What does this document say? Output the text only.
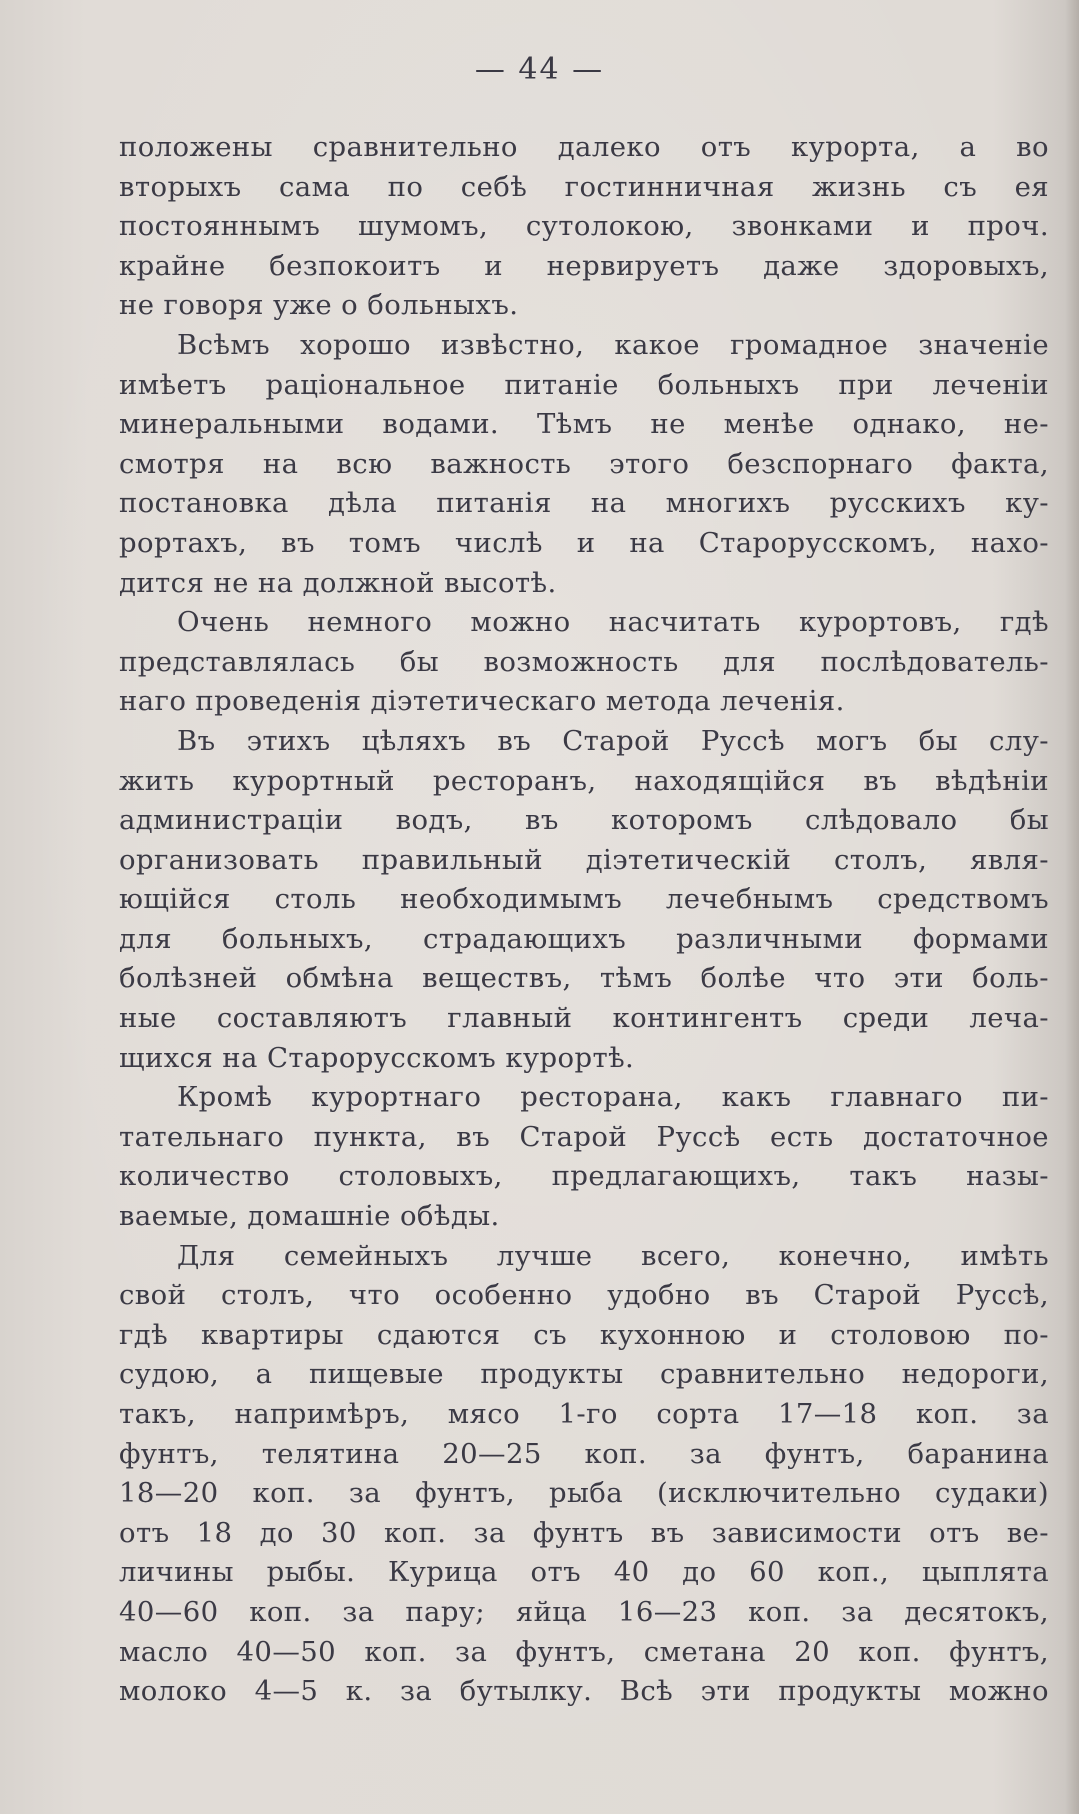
— 44 —
положены сравнительно далеко отъ курорта, а во
вторыхъ сама по себѣ гостинничная жизнь съ ея
постояннымъ шумомъ, сутолокою, звонками и проч.
крайне безпокоитъ и нервируетъ даже здоровыхъ,
не говоря уже о больныхъ.
Всѣмъ хорошо извѣстно, какое громадное значеніе
имѣетъ раціональное питаніе больныхъ при леченіи
минеральными водами. Тѣмъ не менѣе однако, не-
смотря на всю важность этого безспорнаго факта,
постановка дѣла питанія на многихъ русскихъ ку-
рортахъ, въ томъ числѣ и на Старорусскомъ, нахо-
дится не на должной высотѣ.
Очень немного можно насчитать курортовъ, гдѣ
представлялась бы возможность для послѣдователь-
наго проведенія діэтетическаго метода леченія.
Въ этихъ цѣляхъ въ Старой Руссѣ могъ бы слу-
жить курортный ресторанъ, находящійся въ вѣдѣніи
администраціи водъ, въ которомъ слѣдовало бы
организовать правильный діэтетическій столъ, явля-
ющійся столь необходимымъ лечебнымъ средствомъ
для больныхъ, страдающихъ различными формами
болѣзней обмѣна веществъ, тѣмъ болѣе что эти боль-
ные составляютъ главный контингентъ среди леча-
щихся на Старорусскомъ курортѣ.
Кромѣ курортнаго ресторана, какъ главнаго пи-
тательнаго пункта, въ Старой Руссѣ есть достаточное
количество столовыхъ, предлагающихъ, такъ назы-
ваемые, домашніе обѣды.
Для семейныхъ лучше всего, конечно, имѣть
свой столъ, что особенно удобно въ Старой Руссѣ,
гдѣ квартиры сдаются съ кухонною и столовою по-
судою, а пищевые продукты сравнительно недороги,
такъ, напримѣръ, мясо 1-го сорта 17—18 коп. за
фунтъ, телятина 20—25 коп. за фунтъ, баранина
18—20 коп. за фунтъ, рыба (исключительно судаки)
отъ 18 до 30 коп. за фунтъ въ зависимости отъ ве-
личины рыбы. Курица отъ 40 до 60 коп., цыплята
40—60 коп. за пару; яйца 16—23 коп. за десятокъ,
масло 40—50 коп. за фунтъ, сметана 20 коп. фунтъ,
молоко 4—5 к. за бутылку. Всѣ эти продукты можно
